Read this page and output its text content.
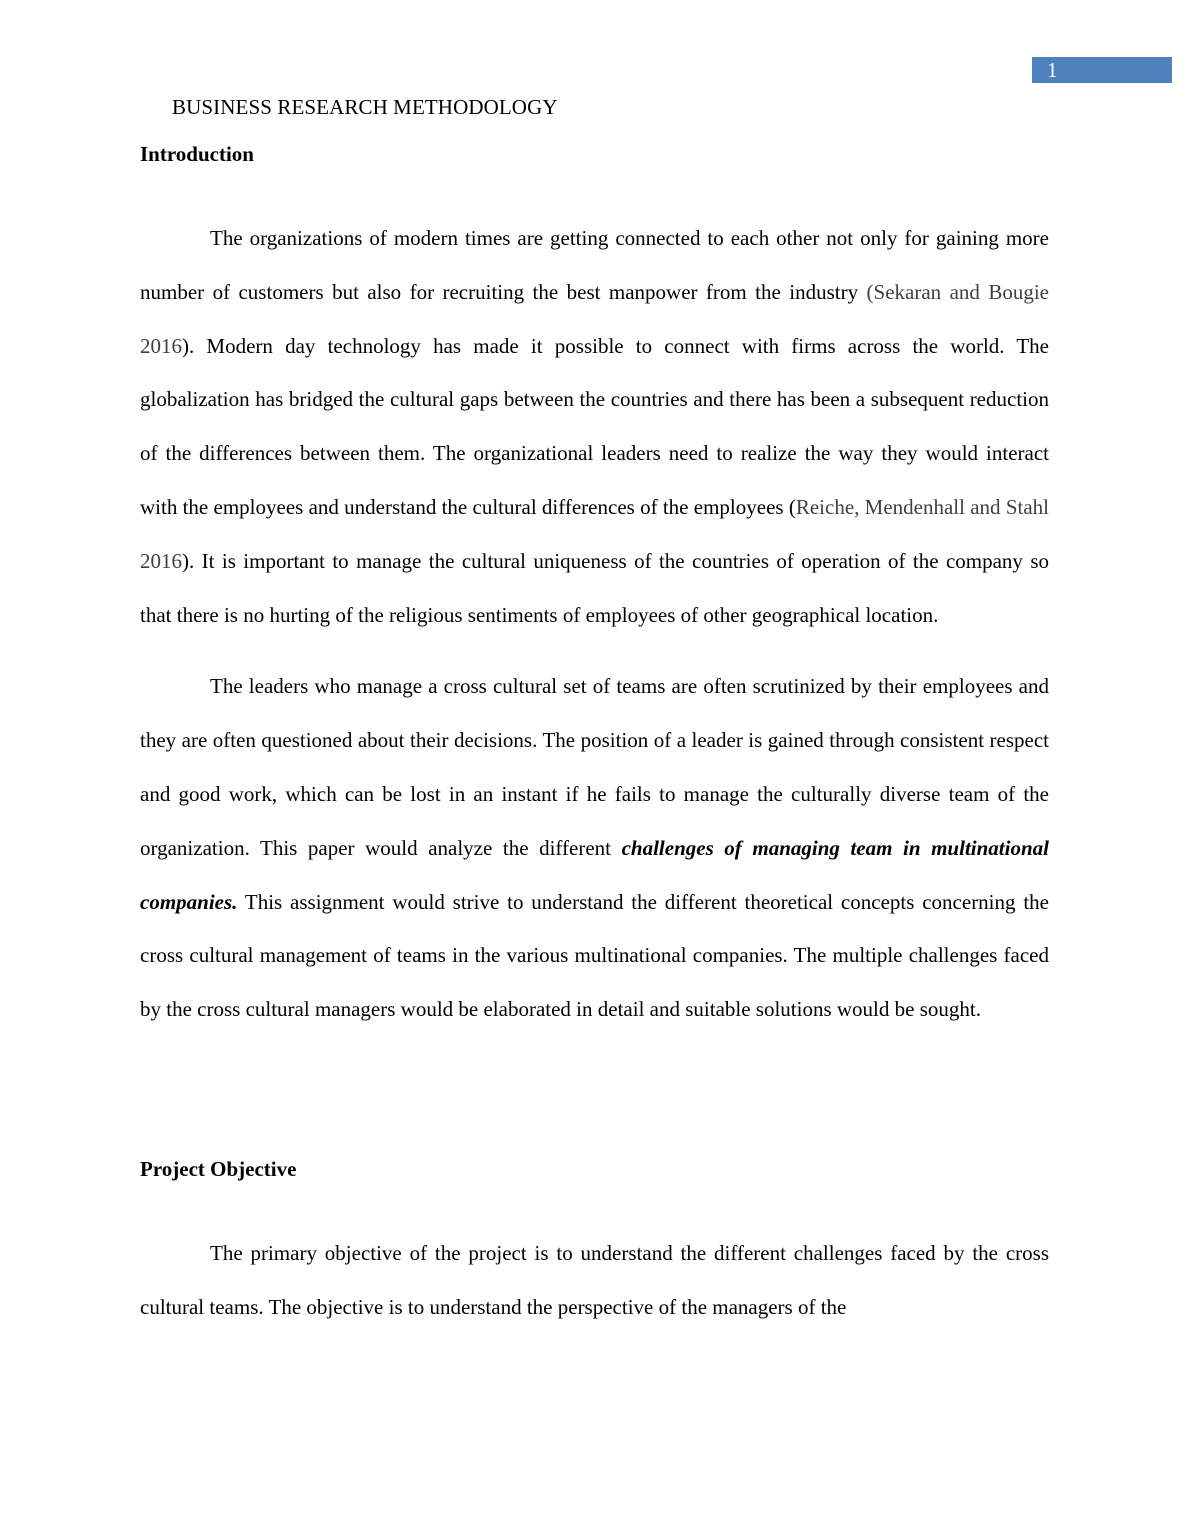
1
BUSINESS RESEARCH METHODOLOGY
Introduction

The organizations of modern times are getting connected to each other not only for gaining more number of customers but also for recruiting the best manpower from the industry (Sekaran and Bougie 2016). Modern day technology has made it possible to connect with firms across the world. The globalization has bridged the cultural gaps between the countries and there has been a subsequent reduction of the differences between them. The organizational leaders need to realize the way they would interact with the employees and understand the cultural differences of the employees (Reiche, Mendenhall and Stahl 2016). It is important to manage the cultural uniqueness of the countries of operation of the company so that there is no hurting of the religious sentiments of employees of other geographical location.

The leaders who manage a cross cultural set of teams are often scrutinized by their employees and they are often questioned about their decisions. The position of a leader is gained through consistent respect and good work, which can be lost in an instant if he fails to manage the culturally diverse team of the organization. This paper would analyze the different challenges of managing team in multinational companies. This assignment would strive to understand the different theoretical concepts concerning the cross cultural management of teams in the various multinational companies. The multiple challenges faced by the cross cultural managers would be elaborated in detail and suitable solutions would be sought.

Project Objective

The primary objective of the project is to understand the different challenges faced by the cross cultural teams. The objective is to understand the perspective of the managers of the
